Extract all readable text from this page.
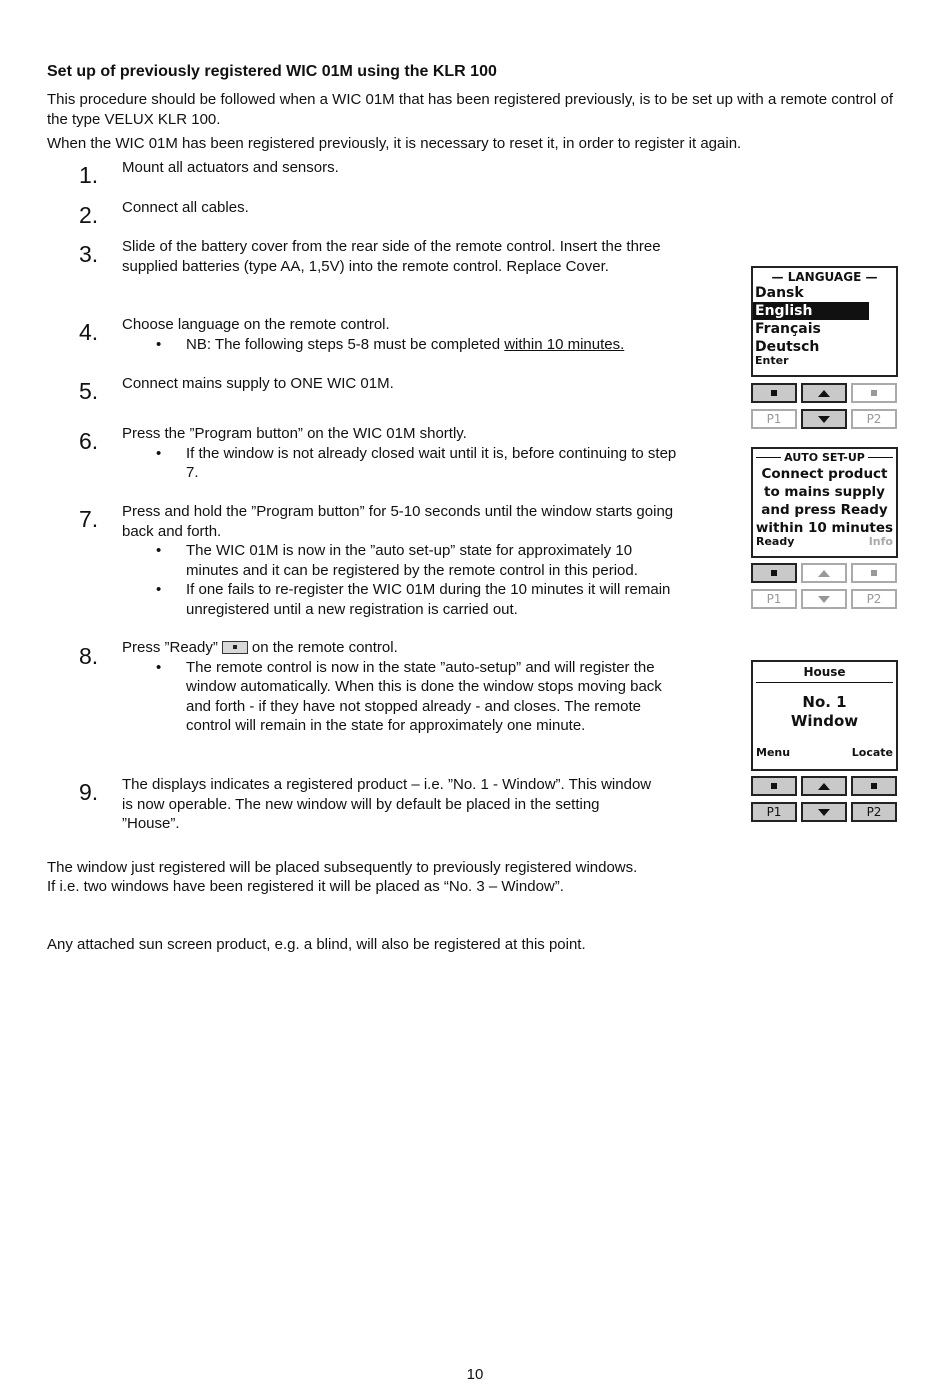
Set up of previously registered WIC 01M using the KLR 100
This procedure should be followed when a WIC 01M that has been registered previously, is to be set up with a remote control of the type VELUX KLR 100.
When the WIC 01M has been registered previously, it is necessary to reset it, in order to register it again.
1. Mount all actuators and sensors.
2. Connect all cables.
3. Slide of the battery cover from the rear side of the remote control. Insert the three supplied batteries (type AA, 1,5V) into the remote control. Replace Cover.
4. Choose language on the remote control.
• NB: The following steps 5-8 must be completed within 10 minutes.
5. Connect mains supply to ONE WIC 01M.
6. Press the ”Program button” on the WIC 01M shortly.
• If the window is not already closed wait until it is, before continuing to step 7.
7. Press and hold the ”Program button” for 5-10 seconds until the window starts going back and forth.
• The WIC 01M is now in the ”auto set-up” state for approximately 10 minutes and it can be registered by the remote control in this period.
• If one fails to re-register the WIC 01M during the 10 minutes it will remain unregistered until a new registration is carried out.
8. Press ”Ready” on the remote control.
• The remote control is now in the state ”auto-setup” and will register the window automatically. When this is done the window stops moving back and forth - if they have not stopped already - and closes. The remote control will remain in the state for approximately one minute.
9. The displays indicates a registered product – i.e. ”No. 1 - Window”. This window is now operable. The new window will by default be placed in the setting ”House”.
The window just registered will be placed subsequently to previously registered windows.
If i.e. two windows have been registered it will be placed as “No. 3 – Window”.
Any attached sun screen product, e.g. a blind, will also be registered at this point.
— LANGUAGE —
Dansk
English
Français
Deutsch
Enter
P1	P2
AUTO SET-UP
Connect product
to mains supply
and press Ready
within 10 minutes
Ready	Info
P1	P2
House
No. 1
Window
Menu	Locate
P1	P2
10
